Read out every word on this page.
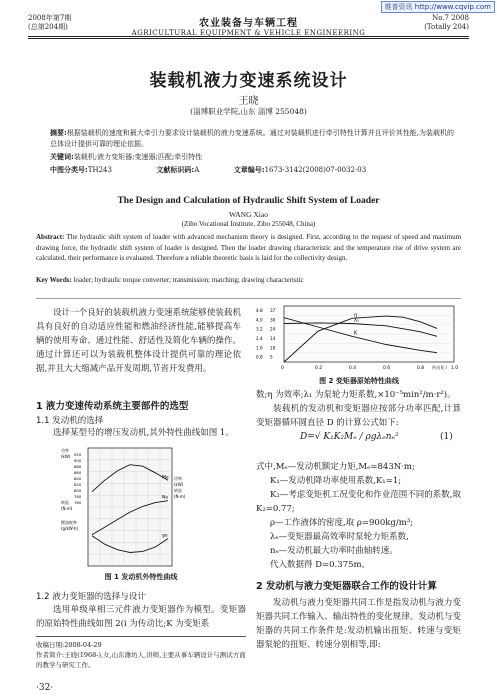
维普资讯 http://www.cqvip.com
2008年第7期
(总第204期)	农业装备与车辆工程
AGRICULTURAL EQUIPMENT & VEHICLE ENGINEERING
No.7 2008
(Totally 204)
装载机液力变速系统设计
王晓
(淄博职业学院,山东 淄博 255048)
摘要:根据装载机的速度和最大牵引力要求设计装载机的液力变速系统。通过对装载机进行牵引特性计算并且评价其性能,为装载机的总体设计提供可靠的理论依据。
关键词:装载机;液力变矩器;变速器;匹配;牵引特性
中图分类号:TH243	文献标识码:A	文章编号:1673-3142(2008)07-0032-03
The Design and Calculation of Hydraulic Shift System of Loader
WANG Xiao
(Zibo Vocational Institute, Zibo 255048, China)
Abstract: The hydraulic shift system of loader with advanced mechanism theory is designed. First, according to the request of speed and maximum drawing force, the hydraulic shift system of loader is designed. Then the loader drawing characteristic and the temperature rise of drive system are calculated, their performance is evaluated. Therefore a reliable theoretic basis is laid for the collectivity design.
Key Words: loader; hydraulic torque converter; transmission; matching; drawing characteristic
设计一个良好的装载机液力变速系统能够使装载机具有良好的自动适应性能和燃油经济性能,能够提高车辆的使用寿命、通过性能、舒适性及简化车辆的操作。通过计算还可以为装载机整体设计提供可靠的理论依据,并且大大缩减产品开发周期,节省开发费用。
1 液力变速传动系统主要部件的选型
1.1 发动机的选择
选择某型号的增压发动机,其外特性曲线如图 1。
功率
(kW)
转矩
(N·m)
燃油耗率
(g/kW·h)
920
900
880
860
840
820
800
780
760
功率
(kW)
转矩
(N·m)
Me
Ne
ge
图 1 发动机外特性曲线
1.2 液力变矩器的选择与设计
选用单级单相三元件液力变矩器作为模型。变矩器的原始特性曲线如图 2(i 为传动比;K 为变矩系
收稿日期:2008-04-29
作者简介:王晓(1968-),女,山东潍坊人,讲师,主要从事车辆设计与测试方面的教学与研究工作。
·32·
4.8
4.0
3.2
2.4
1.6
0.8
37
30
24
14
10
5
0	0.2	0.4	0.6	0.8	1.0
传动比 i
K
η
λ₁
图 2 变矩器原始特性曲线
数;η 为效率;λ₁ 为泵轮力矩系数,×10⁻⁵min²/m·r²)。
装载机的发动机和变矩器应按部分功率匹配,计算变矩器循环圆直径 D 的计算公式如下:
D=√ K₁K₂Mₑ / ρgλₑnₑ²	(1)
式中,Mₑ—发动机额定力矩,Mₑ=843N·m;
K₁—发动机降功率使用系数,K₁=1;
K₂—考虑变矩机工况变化和作业范围不同的系数,取 K₂=0.77;
ρ—工作液体的密度,取 ρ=900kg/m³;
λₑ—变矩器最高效率时泵轮力矩系数,
nₑ—发动机最大功率时曲轴转速。
代入数据得 D=0.375m。
2 发动机与液力变矩器联合工作的设计计算
发动机与液力变矩器共同工作是指发动机与液力变矩器共同工作输入、输出特性的变化规律。发动机与变矩器的共同工作条件是:发动机输出扭矩、转速与变矩器泵轮的扭矩、转速分别相等,即:
